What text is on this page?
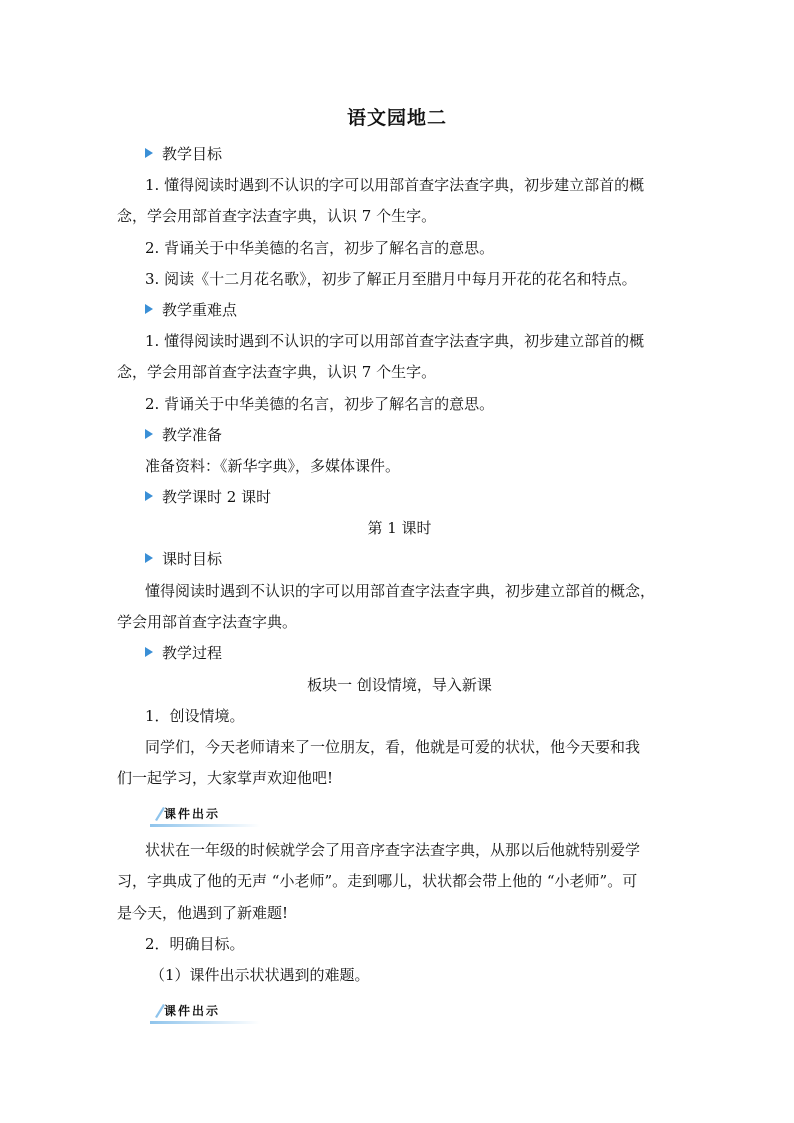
语文园地二
教学目标
1. 懂得阅读时遇到不认识的字可以用部首查字法查字典，初步建立部首的概
念，学会用部首查字法查字典，认识 7 个生字。
2. 背诵关于中华美德的名言，初步了解名言的意思。
3. 阅读《十二月花名歌》，初步了解正月至腊月中每月开花的花名和特点。
教学重难点
1. 懂得阅读时遇到不认识的字可以用部首查字法查字典，初步建立部首的概
念，学会用部首查字法查字典，认识 7 个生字。
2. 背诵关于中华美德的名言，初步了解名言的意思。
教学准备
准备资料：《新华字典》，多媒体课件。
教学课时 2 课时
第 1 课时
课时目标
懂得阅读时遇到不认识的字可以用部首查字法查字典，初步建立部首的概念，
学会用部首查字法查字典。
教学过程
板块一 创设情境，导入新课
1．创设情境。
同学们，今天老师请来了一位朋友，看，他就是可爱的状状，他今天要和我
们一起学习，大家掌声欢迎他吧!
课件出示
状状在一年级的时候就学会了用音序查字法查字典，从那以后他就特别爱学
习，字典成了他的无声 “小老师”。走到哪儿，状状都会带上他的 “小老师”。可
是今天，他遇到了新难题!
2．明确目标。
（1）课件出示状状遇到的难题。
课件出示
